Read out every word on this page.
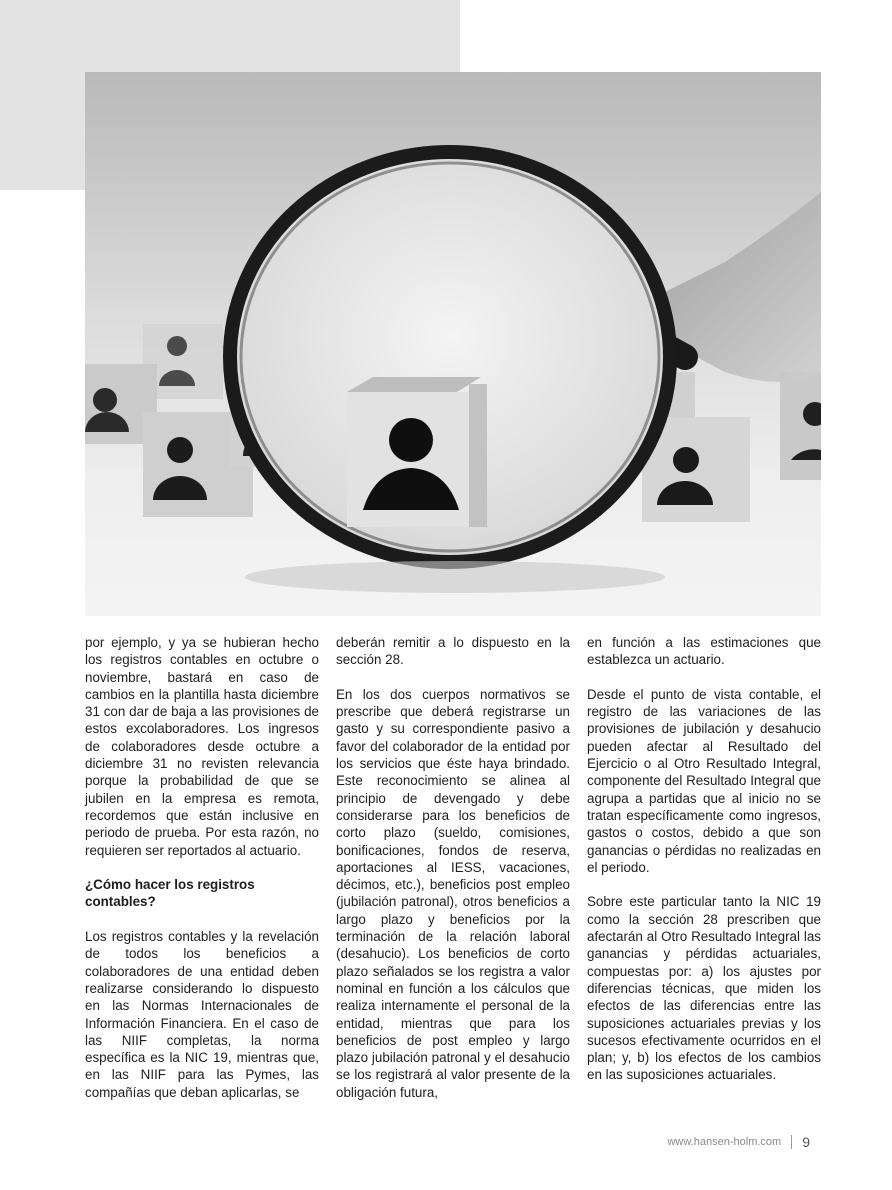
por ejemplo, y ya se hubieran hecho los registros contables en octubre o noviembre, bastará en caso de cambios en la plantilla hasta diciembre 31 con dar de baja a las provisiones de estos excolaboradores. Los ingresos de colaboradores desde octubre a diciembre 31 no revisten relevancia porque la probabilidad de que se jubilen en la empresa es remota, recordemos que están inclusive en periodo de prueba. Por esta razón, no requieren ser reportados al actuario.

¿Cómo hacer los registros contables?

Los registros contables y la revelación de todos los beneficios a colaboradores de una entidad deben realizarse considerando lo dispuesto en las Normas Internacionales de Información Financiera. En el caso de las NIIF completas, la norma específica es la NIC 19, mientras que, en las NIIF para las Pymes, las compañías que deban aplicarlas, se

deberán remitir a lo dispuesto en la sección 28.

En los dos cuerpos normativos se prescribe que deberá registrarse un gasto y su correspondiente pasivo a favor del colaborador de la entidad por los servicios que éste haya brindado. Este reconocimiento se alinea al principio de devengado y debe considerarse para los beneficios de corto plazo (sueldo, comisiones, bonificaciones, fondos de reserva, aportaciones al IESS, vacaciones, décimos, etc.), beneficios post empleo (jubilación patronal), otros beneficios a largo plazo y beneficios por la terminación de la relación laboral (desahucio). Los beneficios de corto plazo señalados se los registra a valor nominal en función a los cálculos que realiza internamente el personal de la entidad, mientras que para los beneficios de post empleo y largo plazo jubilación patronal y el desahucio se los registrará al valor presente de la obligación futura,

en función a las estimaciones que establezca un actuario.

Desde el punto de vista contable, el registro de las variaciones de las provisiones de jubilación y desahucio pueden afectar al Resultado del Ejercicio o al Otro Resultado Integral, componente del Resultado Integral que agrupa a partidas que al inicio no se tratan específicamente como ingresos, gastos o costos, debido a que son ganancias o pérdidas no realizadas en el periodo.

Sobre este particular tanto la NIC 19 como la sección 28 prescriben que afectarán al Otro Resultado Integral las ganancias y pérdidas actuariales, compuestas por: a) los ajustes por diferencias técnicas, que miden los efectos de las diferencias entre las suposiciones actuariales previas y los sucesos efectivamente ocurridos en el plan; y, b) los efectos de los cambios en las suposiciones actuariales.

www.hansen-holm.com 9
